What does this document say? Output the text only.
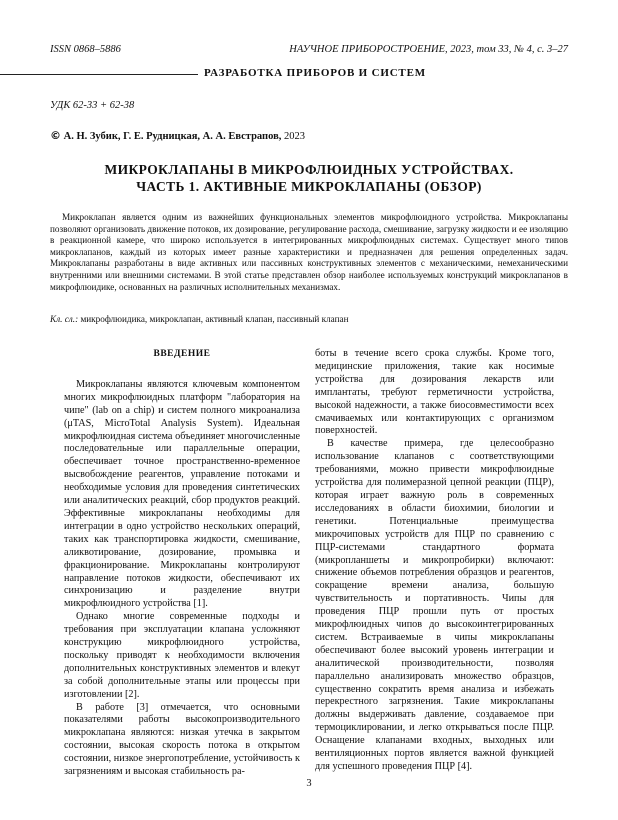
ISSN 0868–5886	НАУЧНОЕ ПРИБОРОСТРОЕНИЕ, 2023, том 33, № 4, с. 3–27
РАЗРАБОТКА ПРИБОРОВ И СИСТЕМ
УДК 62-33 + 62-38
© А. Н. Зубик, Г. Е. Рудницкая, А. А. Евстрапов, 2023
МИКРОКЛАПАНЫ В МИКРОФЛЮИДНЫХ УСТРОЙСТВАХ.
ЧАСТЬ 1. АКТИВНЫЕ МИКРОКЛАПАНЫ (ОБЗОР)

Микроклапан является одним из важнейших функциональных элементов микрофлюидного устройства. Микроклапаны позволяют организовать движение потоков, их дозирование, регулирование расхода, смешивание, загрузку жидкости и ее изоляцию в реакционной камере, что широко используется в интегрированных микрофлюидных системах. Существует много типов микроклапанов, каждый из которых имеет разные характеристики и предназначен для решения определенных задач. Микроклапаны разработаны в виде активных или пассивных конструктивных элементов с механическими, немеханическими внутренними или внешними системами. В этой статье представлен обзор наиболее используемых конструкций микроклапанов в микрофлюидике, основанных на различных исполнительных механизмах.

Кл. сл.: микрофлюидика, микроклапан, активный клапан, пассивный клапан
ВВЕДЕНИЕ

Микроклапаны являются ключевым компонентом многих микрофлюидных платформ "лаборатория на чипе" (lab on a chip) и систем полного микроанализа (μTAS, MicroTotal Analysis System). Идеальная микрофлюидная система объединяет многочисленные последовательные или параллельные операции, обеспечивает точное пространственно-временное высвобождение реагентов, управление потоками и необходимые условия для проведения синтетических или аналитических реакций, сбор продуктов реакций. Эффективные микроклапаны необходимы для интеграции в одно устройство нескольких операций, таких как транспортировка жидкости, смешивание, аликвотирование, дозирование, промывка и фракционирование. Микроклапаны контролируют направление потоков жидкости, обеспечивают их синхронизацию и разделение внутри микрофлюидного устройства [1].

Однако многие современные подходы и требования при эксплуатации клапана усложняют конструкцию микрофлюидного устройства, поскольку приводят к необходимости включения дополнительных конструктивных элементов и влекут за собой дополнительные этапы или процессы при изготовлении [2].

В работе [3] отмечается, что основными показателями работы высокопроизводительного микроклапана являются: низкая утечка в закрытом состоянии, высокая скорость потока в открытом состоянии, низкое энергопотребление, устойчивость к загрязнениям и высокая стабильность ра-

боты в течение всего срока службы. Кроме того, медицинские приложения, такие как носимые устройства для дозирования лекарств или имплантаты, требуют герметичности устройства, высокой надежности, а также биосовместимости всех смачиваемых или контактирующих с организмом поверхностей.

В качестве примера, где целесообразно использование клапанов с соответствующими требованиями, можно привести микрофлюидные устройства для полимеразной цепной реакции (ПЦР), которая играет важную роль в современных исследованиях в области биохимии, биологии и генетики. Потенциальные преимущества микрочиповых устройств для ПЦР по сравнению с ПЦР-системами стандартного формата (микропланшеты и микропробирки) включают: снижение объемов потребления образцов и реагентов, сокращение времени анализа, большую чувствительность и портативность. Чипы для проведения ПЦР прошли путь от простых микрофлюидных чипов до высокоинтегрированных систем. Встраиваемые в чипы микроклапаны обеспечивают более высокий уровень интеграции и аналитической производительности, позволяя параллельно анализировать множество образцов, существенно сократить время анализа и избежать перекрестного загрязнения. Такие микроклапаны должны выдерживать давление, создаваемое при термоциклировании, и легко открываться после ПЦР. Оснащение клапанами входных, выходных или вентиляционных портов является важной функцией для успешного проведения ПЦР [4].

3
